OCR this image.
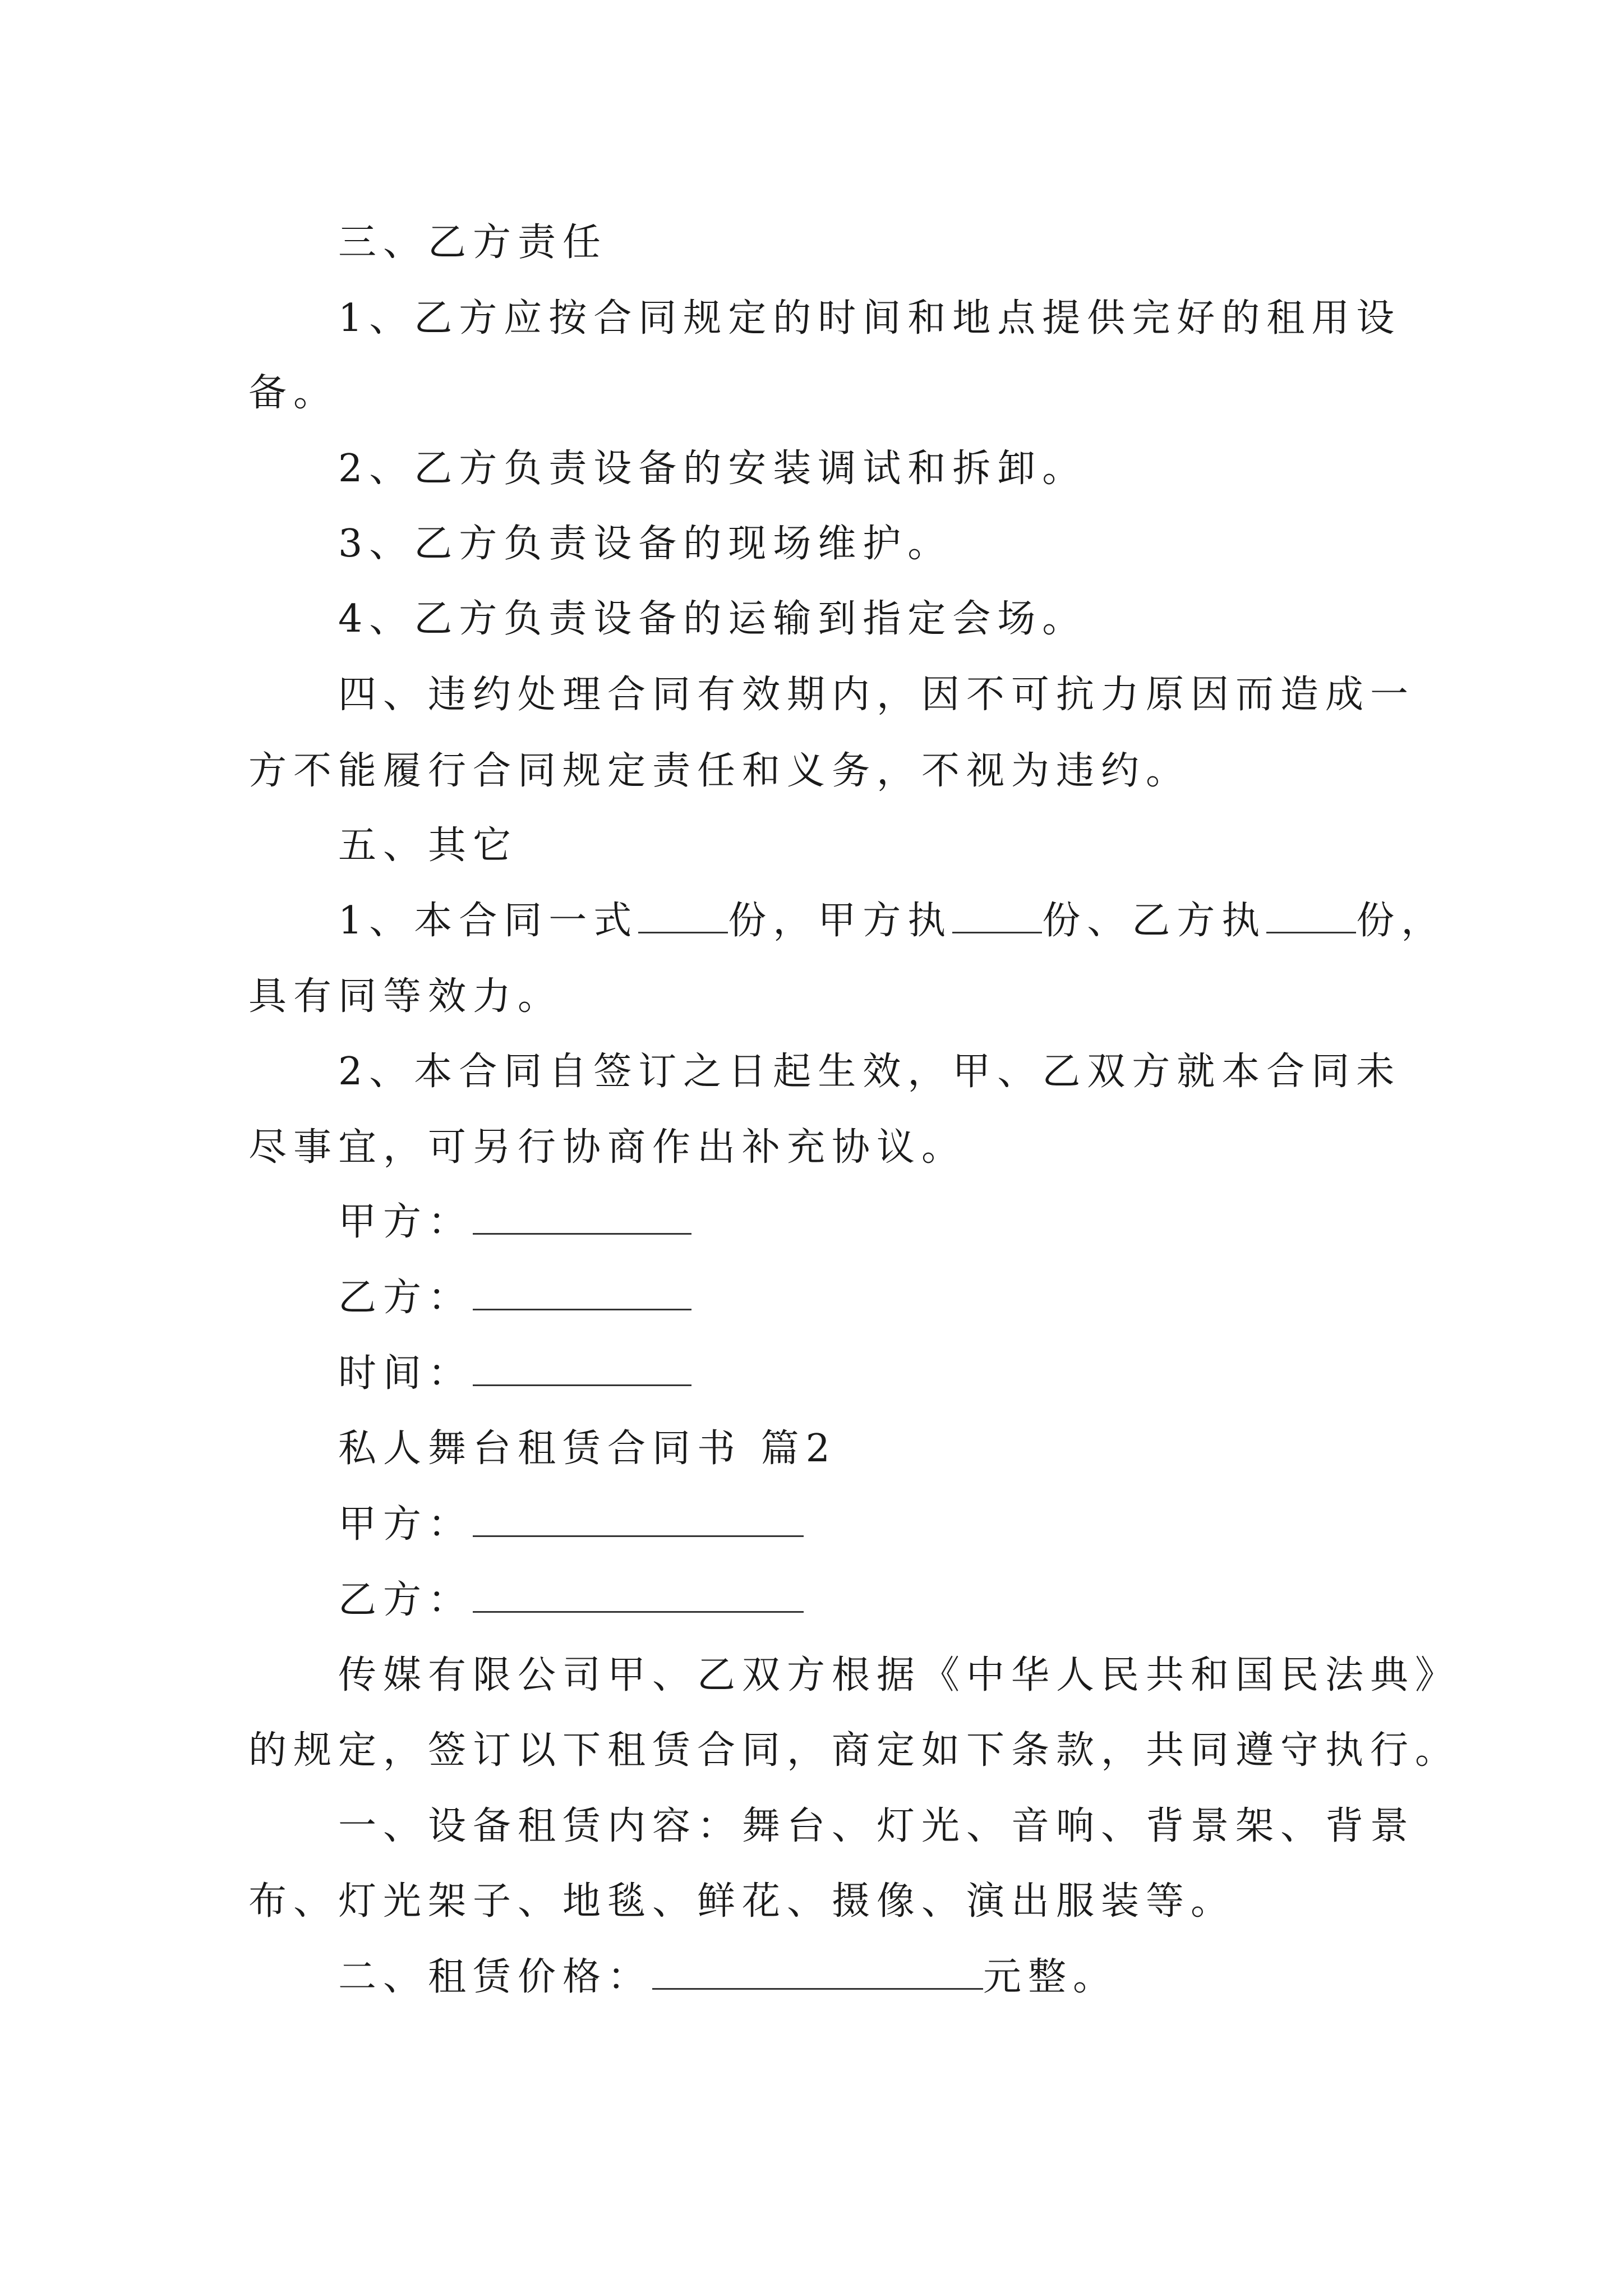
三、乙方责任
1、乙方应按合同规定的时间和地点提供完好的租用设
备。
2、乙方负责设备的安装调试和拆卸。
3、乙方负责设备的现场维护。
4、乙方负责设备的运输到指定会场。
四、违约处理合同有效期内，因不可抗力原因而造成一
方不能履行合同规定责任和义务，不视为违约。
五、其它
1、本合同一式 份，甲方执 份、乙方执 份，
具有同等效力。
2、本合同自签订之日起生效，甲、乙双方就本合同未
尽事宜，可另行协商作出补充协议。
甲方：
乙方：
时间：
私人舞台租赁合同书 篇2
甲方：
乙方：
传媒有限公司甲、乙双方根据《中华人民共和国民法典》
的规定，签订以下租赁合同，商定如下条款，共同遵守执行。
一、设备租赁内容：舞台、灯光、音响、背景架、背景
布、灯光架子、地毯、鲜花、摄像、演出服装等。
二、租赁价格：	元整。
